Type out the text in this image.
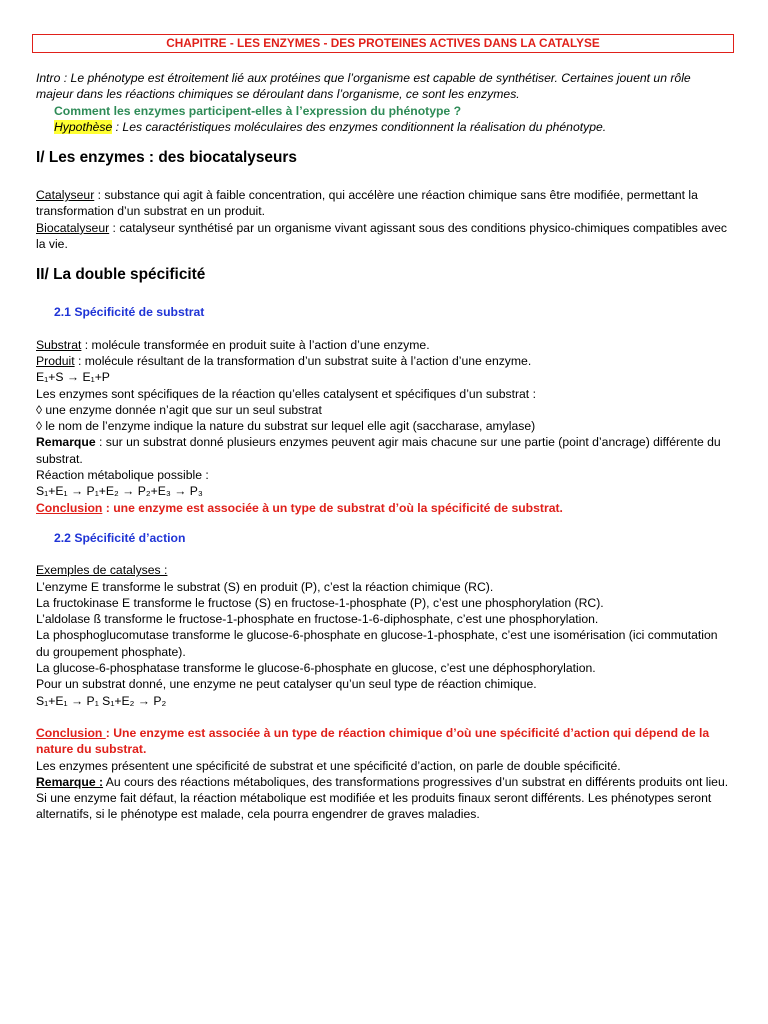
CHAPITRE - LES ENZYMES - DES PROTEINES ACTIVES DANS LA CATALYSE

Intro : Le phénotype est étroitement lié aux protéines que l’organisme est capable de synthétiser. Certaines jouent un rôle majeur dans les réactions chimiques se déroulant dans l’organisme, ce sont les enzymes.

Comment les enzymes participent-elles à l’expression du phénotype ?

Hypothèse : Les caractéristiques moléculaires des enzymes conditionnent la réalisation du phénotype.

I/ Les enzymes : des biocatalyseurs

Catalyseur : substance qui agit à faible concentration, qui accélère une réaction chimique sans être modifiée, permettant la transformation d’un substrat en un produit.

Biocatalyseur : catalyseur synthétisé par un organisme vivant agissant sous des conditions physico-chimiques compatibles avec la vie.

II/ La double spécificité
2.1 Spécificité de substrat

Substrat : molécule transformée en produit suite à l’action d’une enzyme.

Produit : molécule résultant de la transformation d’un substrat suite à l’action d’une enzyme.

E₁+S → E₁+P

Les enzymes sont spécifiques de la réaction qu’elles catalysent et spécifiques d’un substrat :

◊ une enzyme donnée n’agit que sur un seul substrat

◊ le nom de l’enzyme indique la nature du substrat sur lequel elle agit (saccharase, amylase)

Remarque : sur un substrat donné plusieurs enzymes peuvent agir mais chacune sur une partie (point d’ancrage) différente du substrat.

Réaction métabolique possible :

S₁+E₁ → P₁+E₂ → P₂+E₃ → P₃

Conclusion : une enzyme est associée à un type de substrat d’où la spécificité de substrat.

2.2 Spécificité d’action

Exemples de catalyses :

L’enzyme E transforme le substrat (S) en produit (P), c’est la réaction chimique (RC).

La fructokinase E transforme le fructose (S) en fructose-1-phosphate (P), c’est une phosphorylation (RC).

L’aldolase ß transforme le fructose-1-phosphate en fructose-1-6-diphosphate, c’est une phosphorylation.

La phosphoglucomutase transforme le glucose-6-phosphate en glucose-1-phosphate, c’est une isomérisation (ici commutation du groupement phosphate).

La glucose-6-phosphatase transforme le glucose-6-phosphate en glucose, c’est une déphosphorylation.

Pour un substrat donné, une enzyme ne peut catalyser qu’un seul type de réaction chimique.

S₁+E₁ → P₁ S₁+E₂ → P₂

Conclusion : Une enzyme est associée à un type de réaction chimique d’où une spécificité d’action qui dépend de la nature du substrat.

Les enzymes présentent une spécificité de substrat et une spécificité d’action, on parle de double spécificité.

Remarque : Au cours des réactions métaboliques, des transformations progressives d’un substrat en différents produits ont lieu. Si une enzyme fait défaut, la réaction métabolique est modifiée et les produits finaux seront différents. Les phénotypes seront alternatifs, si le phénotype est malade, cela pourra engendrer de graves maladies.
